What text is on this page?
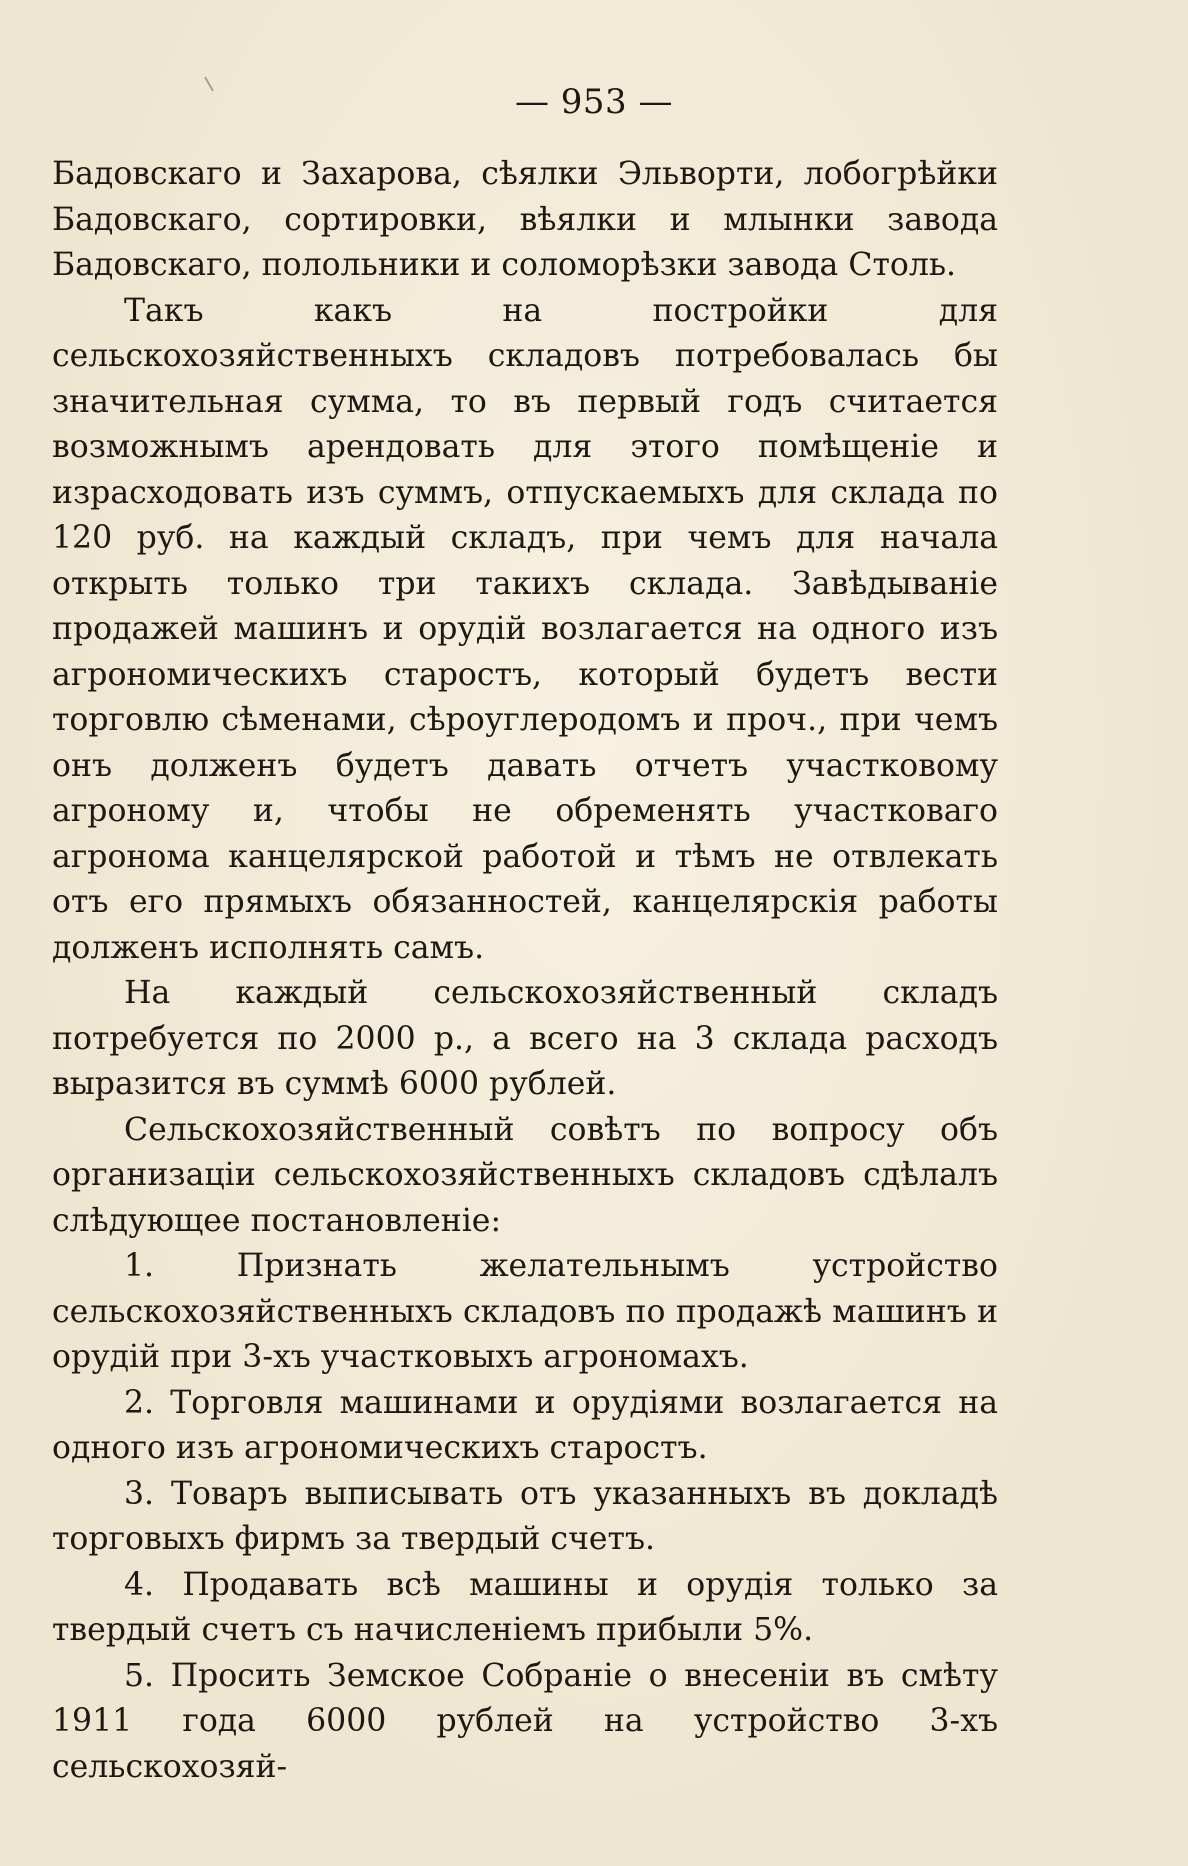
— 953 —

Бадовскаго и Захарова, сѣялки Эльворти, лобогрѣйки Бадовскаго, сортировки, вѣялки и млынки завода Бадовскаго, полольники и соломорѣзки завода Столь.

Такъ какъ на постройки для сельскохозяйственныхъ складовъ потребовалась бы значительная сумма, то въ первый годъ считается возможнымъ арендовать для этого помѣщеніе и израсходовать изъ суммъ, отпускаемыхъ для склада по 120 руб. на каждый складъ, при чемъ для начала открыть только три такихъ склада. Завѣдываніе продажей машинъ и орудій возлагается на одного изъ агрономическихъ старостъ, который будетъ вести торговлю сѣменами, сѣроуглеродомъ и проч., при чемъ онъ долженъ будетъ давать отчетъ участковому агроному и, чтобы не обременять участковаго агронома канцелярской работой и тѣмъ не отвлекать отъ его прямыхъ обязанностей, канцелярскія работы долженъ исполнять самъ.

На каждый сельскохозяйственный складъ потребуется по 2000 р., а всего на 3 склада расходъ выразится въ суммѣ 6000 рублей.

Сельскохозяйственный совѣтъ по вопросу объ организаціи сельскохозяйственныхъ складовъ сдѣлалъ слѣдующее постановленіе:

1. Признать желательнымъ устройство сельскохозяйственныхъ складовъ по продажѣ машинъ и орудій при 3-хъ участковыхъ агрономахъ.

2. Торговля машинами и орудіями возлагается на одного изъ агрономическихъ старостъ.

3. Товаръ выписывать отъ указанныхъ въ докладѣ торговыхъ фирмъ за твердый счетъ.

4. Продавать всѣ машины и орудія только за твердый счетъ съ начисленіемъ прибыли 5%.

5. Просить Земское Собраніе о внесеніи въ смѣту 1911 года 6000 рублей на устройство 3-хъ сельскохозяй-
